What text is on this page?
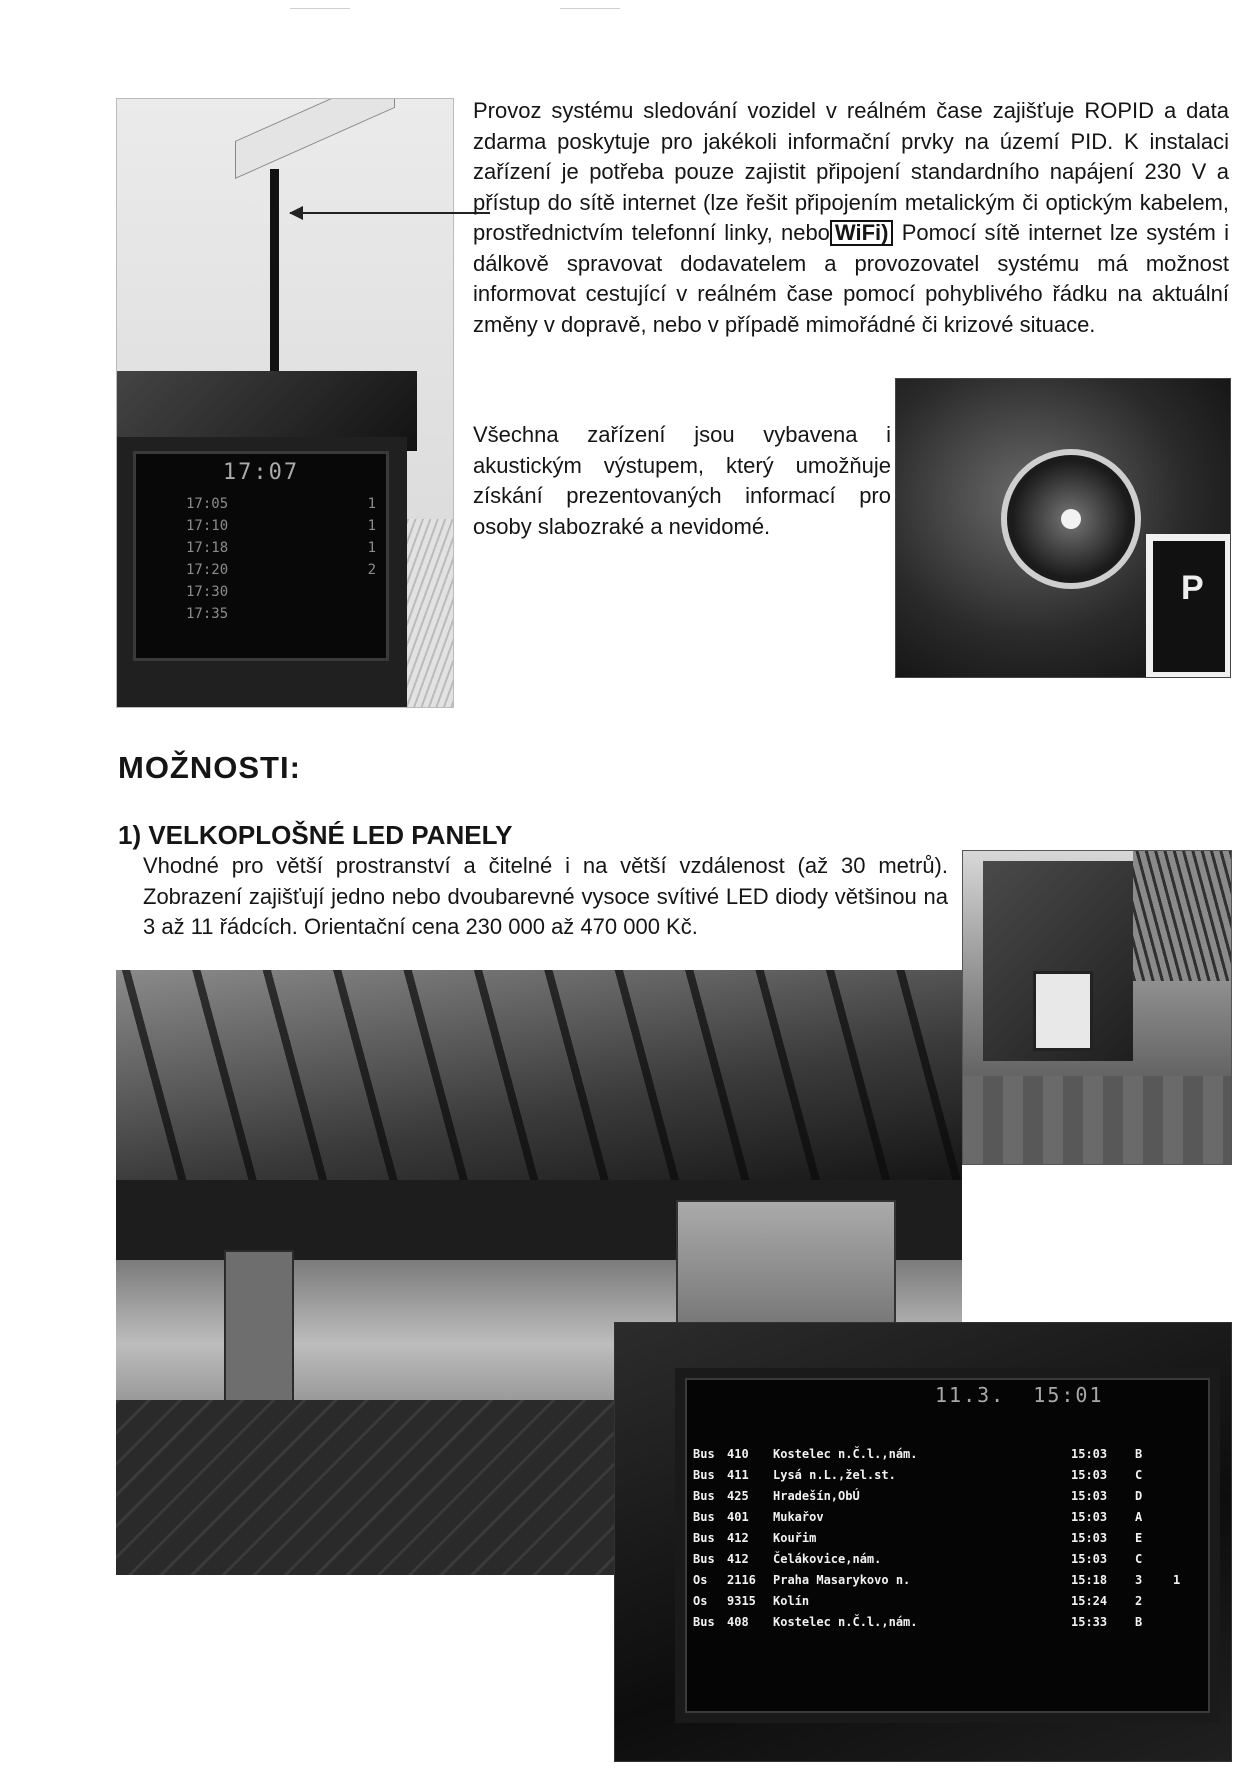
17:07
17:05	1
17:10	1
17:18	1
17:20	2
17:30
17:35

Provoz systému sledování vozidel v reálném čase zajišťuje ROPID a data zdarma poskytuje pro jakékoli informační prvky na území PID. K instalaci zařízení je potřeba pouze zajistit připojení standardního napájení 230 V a přístup do sítě internet (lze řešit připojením metalickým či optickým kabelem, prostřednictvím telefonní linky, nebo WiFi) Pomocí sítě internet lze systém i dálkově spravovat dodavatelem a provozovatel systému má možnost informovat cestující v reálném čase pomocí pohyblivého řádku na aktuální změny v dopravě, nebo v případě mimořádné či krizové situace.

Všechna zařízení jsou vybavena i akustickým výstupem, který umožňuje získání prezentovaných informací pro osoby slabozraké a nevidomé.

P
MOŽNOSTI:
1) VELKOPLOŠNÉ LED PANELY

Vhodné pro větší prostranství a čitelné i na větší vzdálenost (až 30 metrů). Zobrazení zajišťují jedno nebo dvoubarevné vysoce svítivé LED diody většinou na 3 až 11 řádcích. Orientační cena 230 000 až 470 000 Kč.

11.3.  15:01
Bus	410	Kostelec n.Č.l.,nám.	15:03	B
Bus	411	Lysá n.L.,žel.st.	15:03	C
Bus	425	Hradešín,ObÚ	15:03	D
Bus	401	Mukařov	15:03	A
Bus	412	Kouřim	15:03	E
Bus	412	Čelákovice,nám.	15:03	C
Os	2116	Praha Masarykovo n.	15:18	3	1
Os	9315	Kolín	15:24	2
Bus	408	Kostelec n.Č.l.,nám.	15:33	B
